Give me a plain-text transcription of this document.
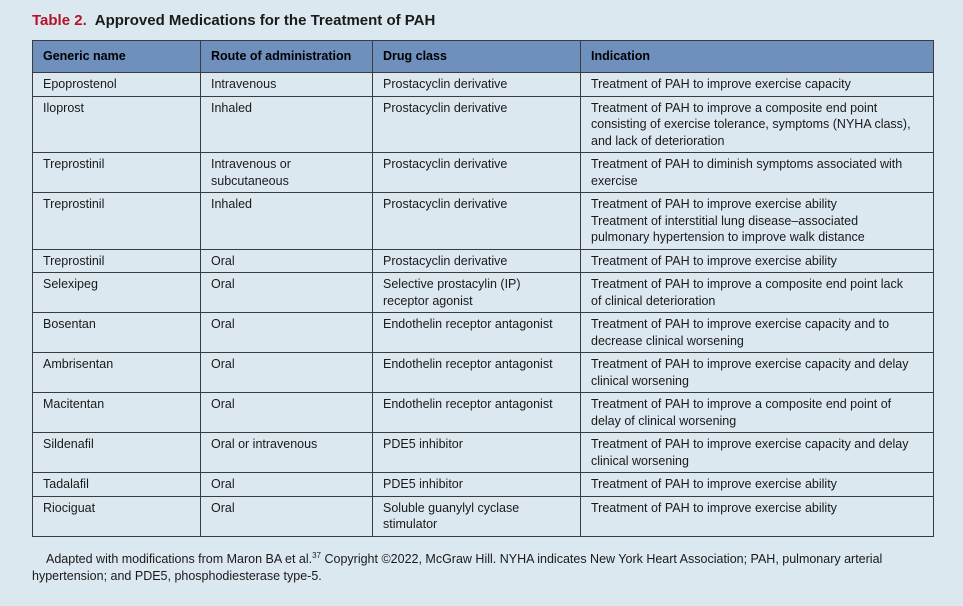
Table 2. Approved Medications for the Treatment of PAH
Generic name	Route of administration	Drug class	Indication

Epoprostenol	Intravenous	Prostacyclin derivative	Treatment of PAH to improve exercise capacity

Iloprost	Inhaled	Prostacyclin derivative	Treatment of PAH to improve a composite end point
consisting of exercise tolerance, symptoms (NYHA class),
and lack of deterioration

Treprostinil	Intravenous or
subcutaneous	Prostacyclin derivative	Treatment of PAH to diminish symptoms associated with
exercise

Treprostinil	Inhaled	Prostacyclin derivative	Treatment of PAH to improve exercise ability
Treatment of interstitial lung disease–associated
pulmonary hypertension to improve walk distance

Treprostinil	Oral	Prostacyclin derivative	Treatment of PAH to improve exercise ability

Selexipeg	Oral	Selective prostacylin (IP)
receptor agonist	Treatment of PAH to improve a composite end point lack
of clinical deterioration

Bosentan	Oral	Endothelin receptor antagonist	Treatment of PAH to improve exercise capacity and to
decrease clinical worsening

Ambrisentan	Oral	Endothelin receptor antagonist	Treatment of PAH to improve exercise capacity and delay
clinical worsening

Macitentan	Oral	Endothelin receptor antagonist	Treatment of PAH to improve a composite end point of
delay of clinical worsening

Sildenafil	Oral or intravenous	PDE5 inhibitor	Treatment of PAH to improve exercise capacity and delay
clinical worsening

Tadalafil	Oral	PDE5 inhibitor	Treatment of PAH to improve exercise ability

Riociguat	Oral	Soluble guanylyl cyclase
stimulator	Treatment of PAH to improve exercise ability
Adapted with modifications from Maron BA et al.$^{37}$ Copyright ©2022, McGraw Hill. NYHA indicates New York Heart Association; PAH, pulmonary arterial hypertension; and PDE5, phosphodiesterase type-5.
